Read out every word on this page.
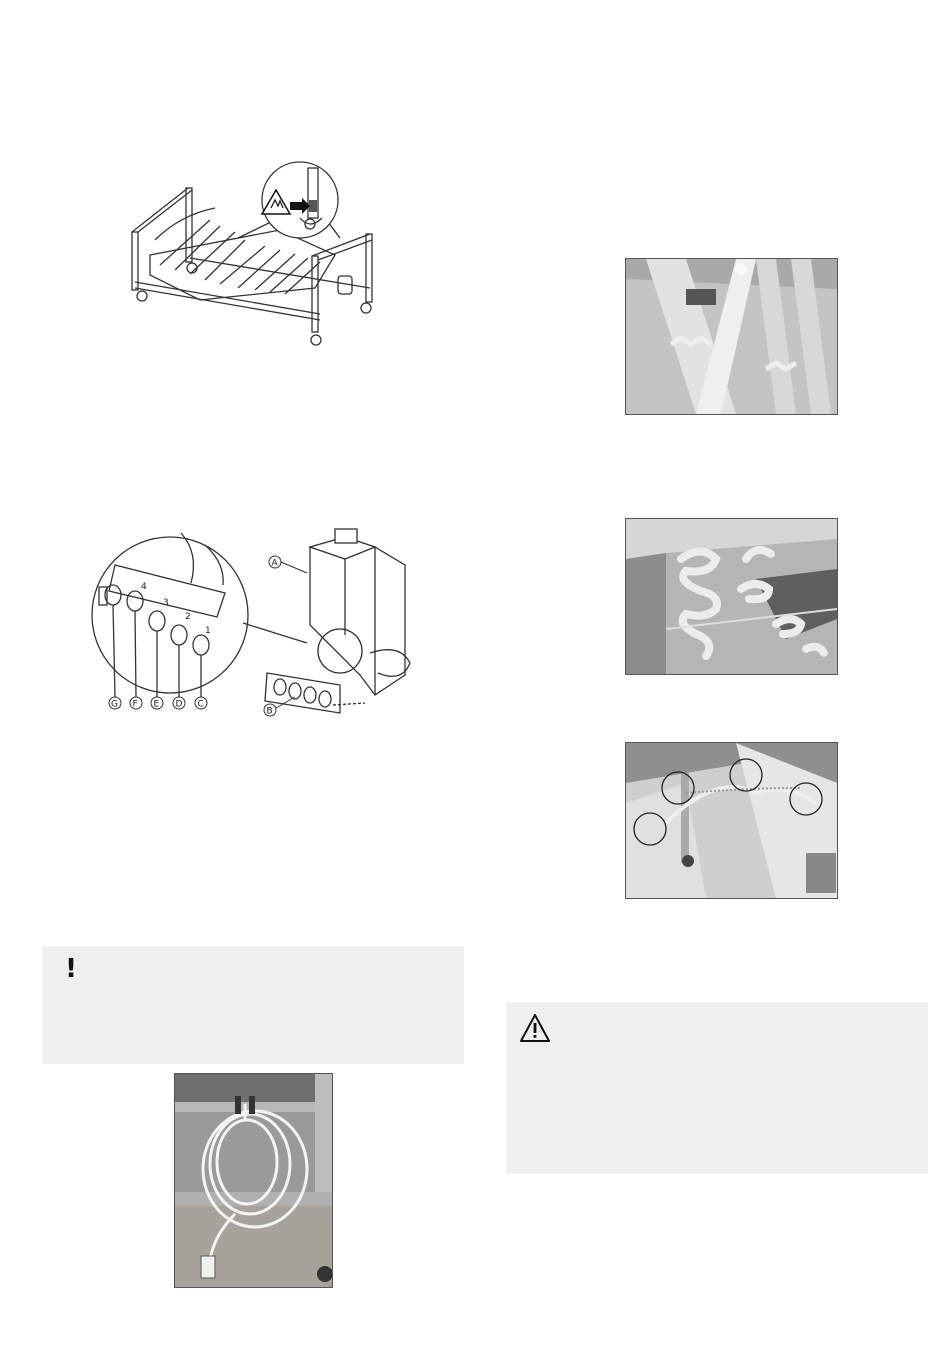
4
3
2
1
A
B
C
D
E
F
G
!
